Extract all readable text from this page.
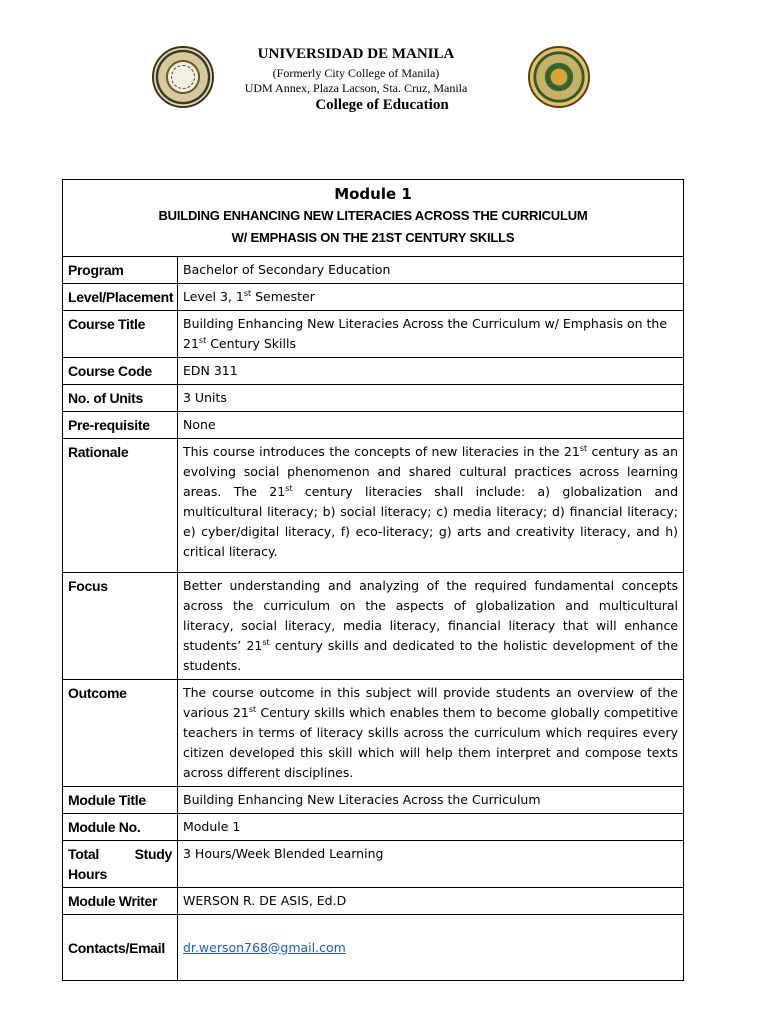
UNIVERSIDAD DE MANILA
(Formerly City College of Manila)
UDM Annex, Plaza Lacson, Sta. Cruz, Manila
College of Education
Module 1
BUILDING ENHANCING NEW LITERACIES ACROSS THE CURRICULUM
W/ EMPHASIS ON THE 21ST CENTURY SKILLS	

Program	Bachelor of Secondary Education
Level/Placement	Level 3, 1st Semester
Course Title	Building Enhancing New Literacies Across the Curriculum w/ Emphasis on the 21st Century Skills
Course Code	EDN 311
No. of Units	3 Units
Pre-requisite	None
Rationale	This course introduces the concepts of new literacies in the 21st century as an evolving social phenomenon and shared cultural practices across learning areas. The 21st century literacies shall include: a) globalization and multicultural literacy; b) social literacy; c) media literacy; d) financial literacy; e) cyber/digital literacy, f) eco-literacy; g) arts and creativity literacy, and h) critical literacy.
Focus	Better understanding and analyzing of the required fundamental concepts across the curriculum on the aspects of globalization and multicultural literacy, social literacy, media literacy, financial literacy that will enhance students’ 21st century skills and dedicated to the holistic development of the students.
Outcome	The course outcome in this subject will provide students an overview of the various 21st Century skills which enables them to become globally competitive teachers in terms of literacy skills across the curriculum which requires every citizen developed this skill which will help them interpret and compose texts across different disciplines.
Module Title	Building Enhancing New Literacies Across the Curriculum
Module No.	Module 1
Total Study Hours	3 Hours/Week Blended Learning
Module Writer	WERSON R. DE ASIS, Ed.D
Contacts/Email	dr.werson768@gmail.com
